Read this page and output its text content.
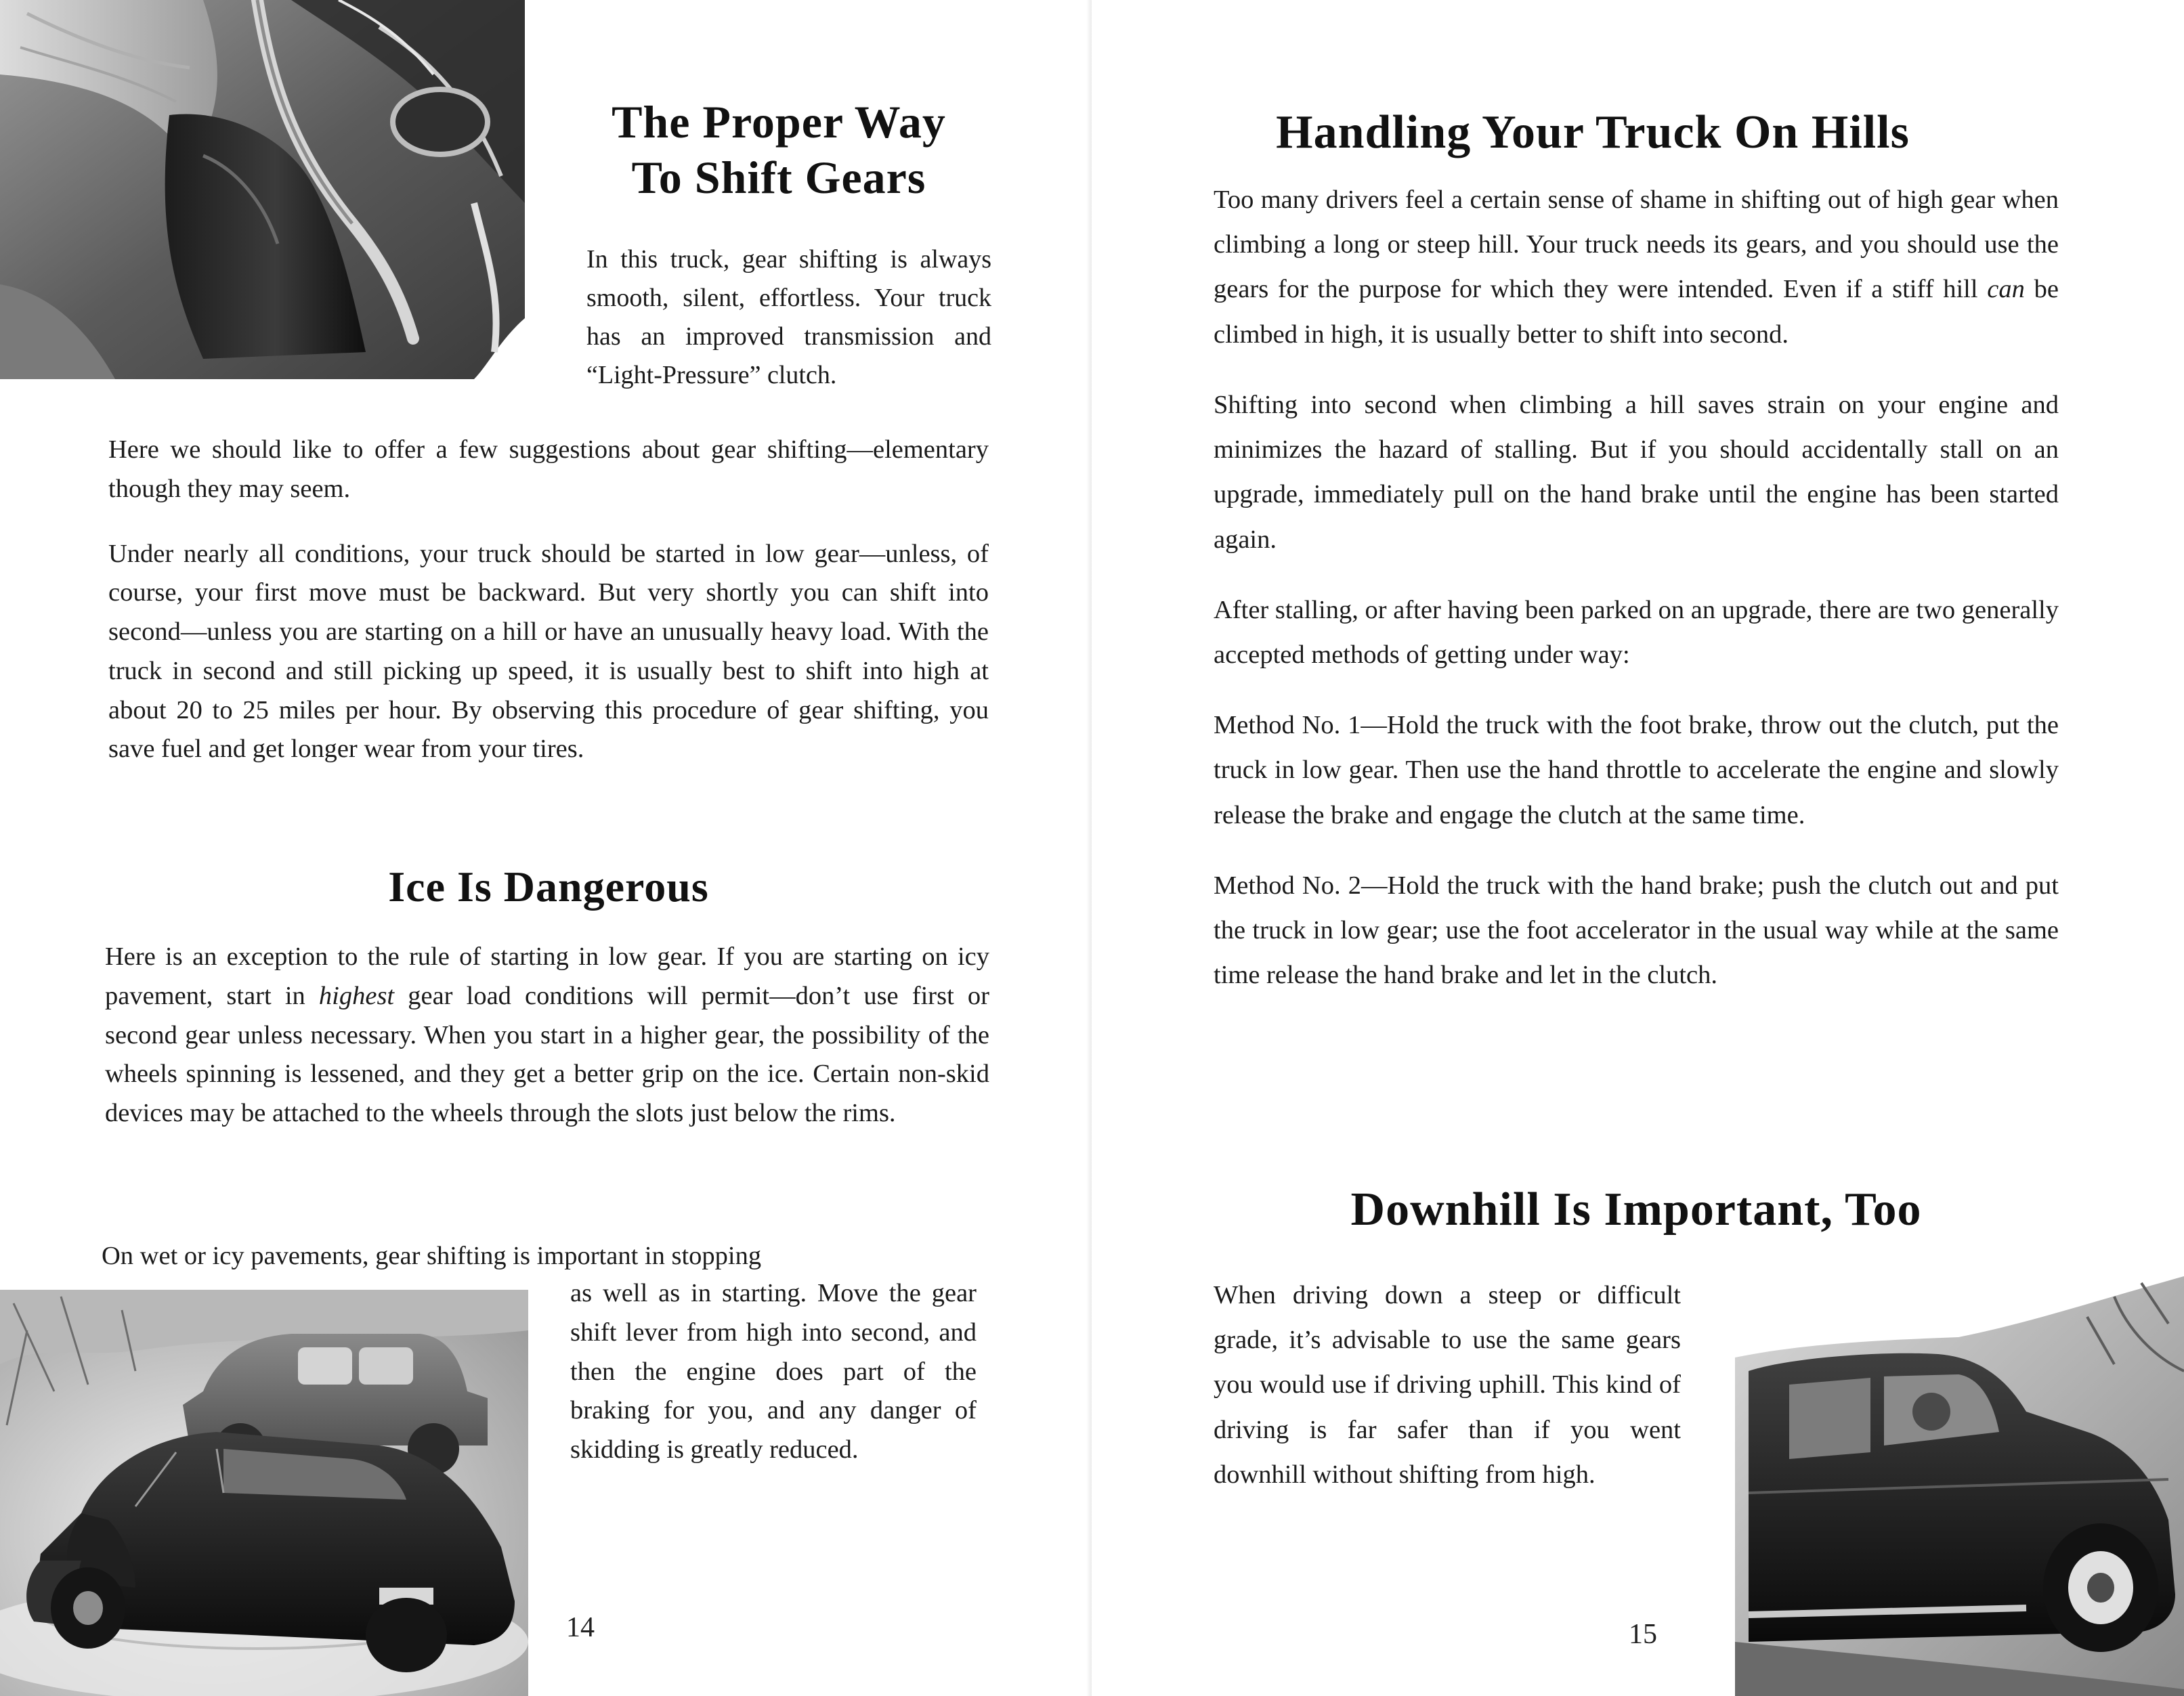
The Proper Way
To Shift Gears

In this truck, gear shifting is always smooth, silent, effortless. Your truck has an improved transmission and “Light-Pressure” clutch.

Here we should like to offer a few suggestions about gear shifting—elementary though they may seem.

Under nearly all conditions, your truck should be started in low gear—unless, of course, your first move must be backward. But very shortly you can shift into second—unless you are starting on a hill or have an unusually heavy load. With the truck in second and still picking up speed, it is usually best to shift into high at about 20 to 25 miles per hour. By observing this procedure of gear shifting, you save fuel and get longer wear from your tires.

Ice Is Dangerous

Here is an exception to the rule of starting in low gear. If you are starting on icy pavement, start in highest gear load conditions will permit—don’t use first or second gear unless necessary. When you start in a higher gear, the possibility of the wheels spinning is lessened, and they get a better grip on the ice. Certain non-skid devices may be attached to the wheels through the slots just below the rims.

On wet or icy pavements, gear shifting is important in stopping

as well as in starting. Move the gear shift lever from high into second, and then the engine does part of the braking for you, and any danger of skidding is greatly reduced.

14
Handling Your Truck On Hills

Too many drivers feel a certain sense of shame in shifting out of high gear when climbing a long or steep hill. Your truck needs its gears, and you should use the gears for the purpose for which they were intended. Even if a stiff hill can be climbed in high, it is usually better to shift into second.

Shifting into second when climbing a hill saves strain on your engine and minimizes the hazard of stalling. But if you should accidentally stall on an upgrade, immediately pull on the hand brake until the engine has been started again.

After stalling, or after having been parked on an upgrade, there are two generally accepted methods of getting under way:

Method No. 1—Hold the truck with the foot brake, throw out the clutch, put the truck in low gear. Then use the hand throttle to accelerate the engine and slowly release the brake and engage the clutch at the same time.

Method No. 2—Hold the truck with the hand brake; push the clutch out and put the truck in low gear; use the foot accelerator in the usual way while at the same time release the hand brake and let in the clutch.

Downhill Is Important, Too

When driving down a steep or difficult grade, it’s advisable to use the same gears you would use if driving uphill. This kind of driving is far safer than if you went downhill without shifting from high.

15
